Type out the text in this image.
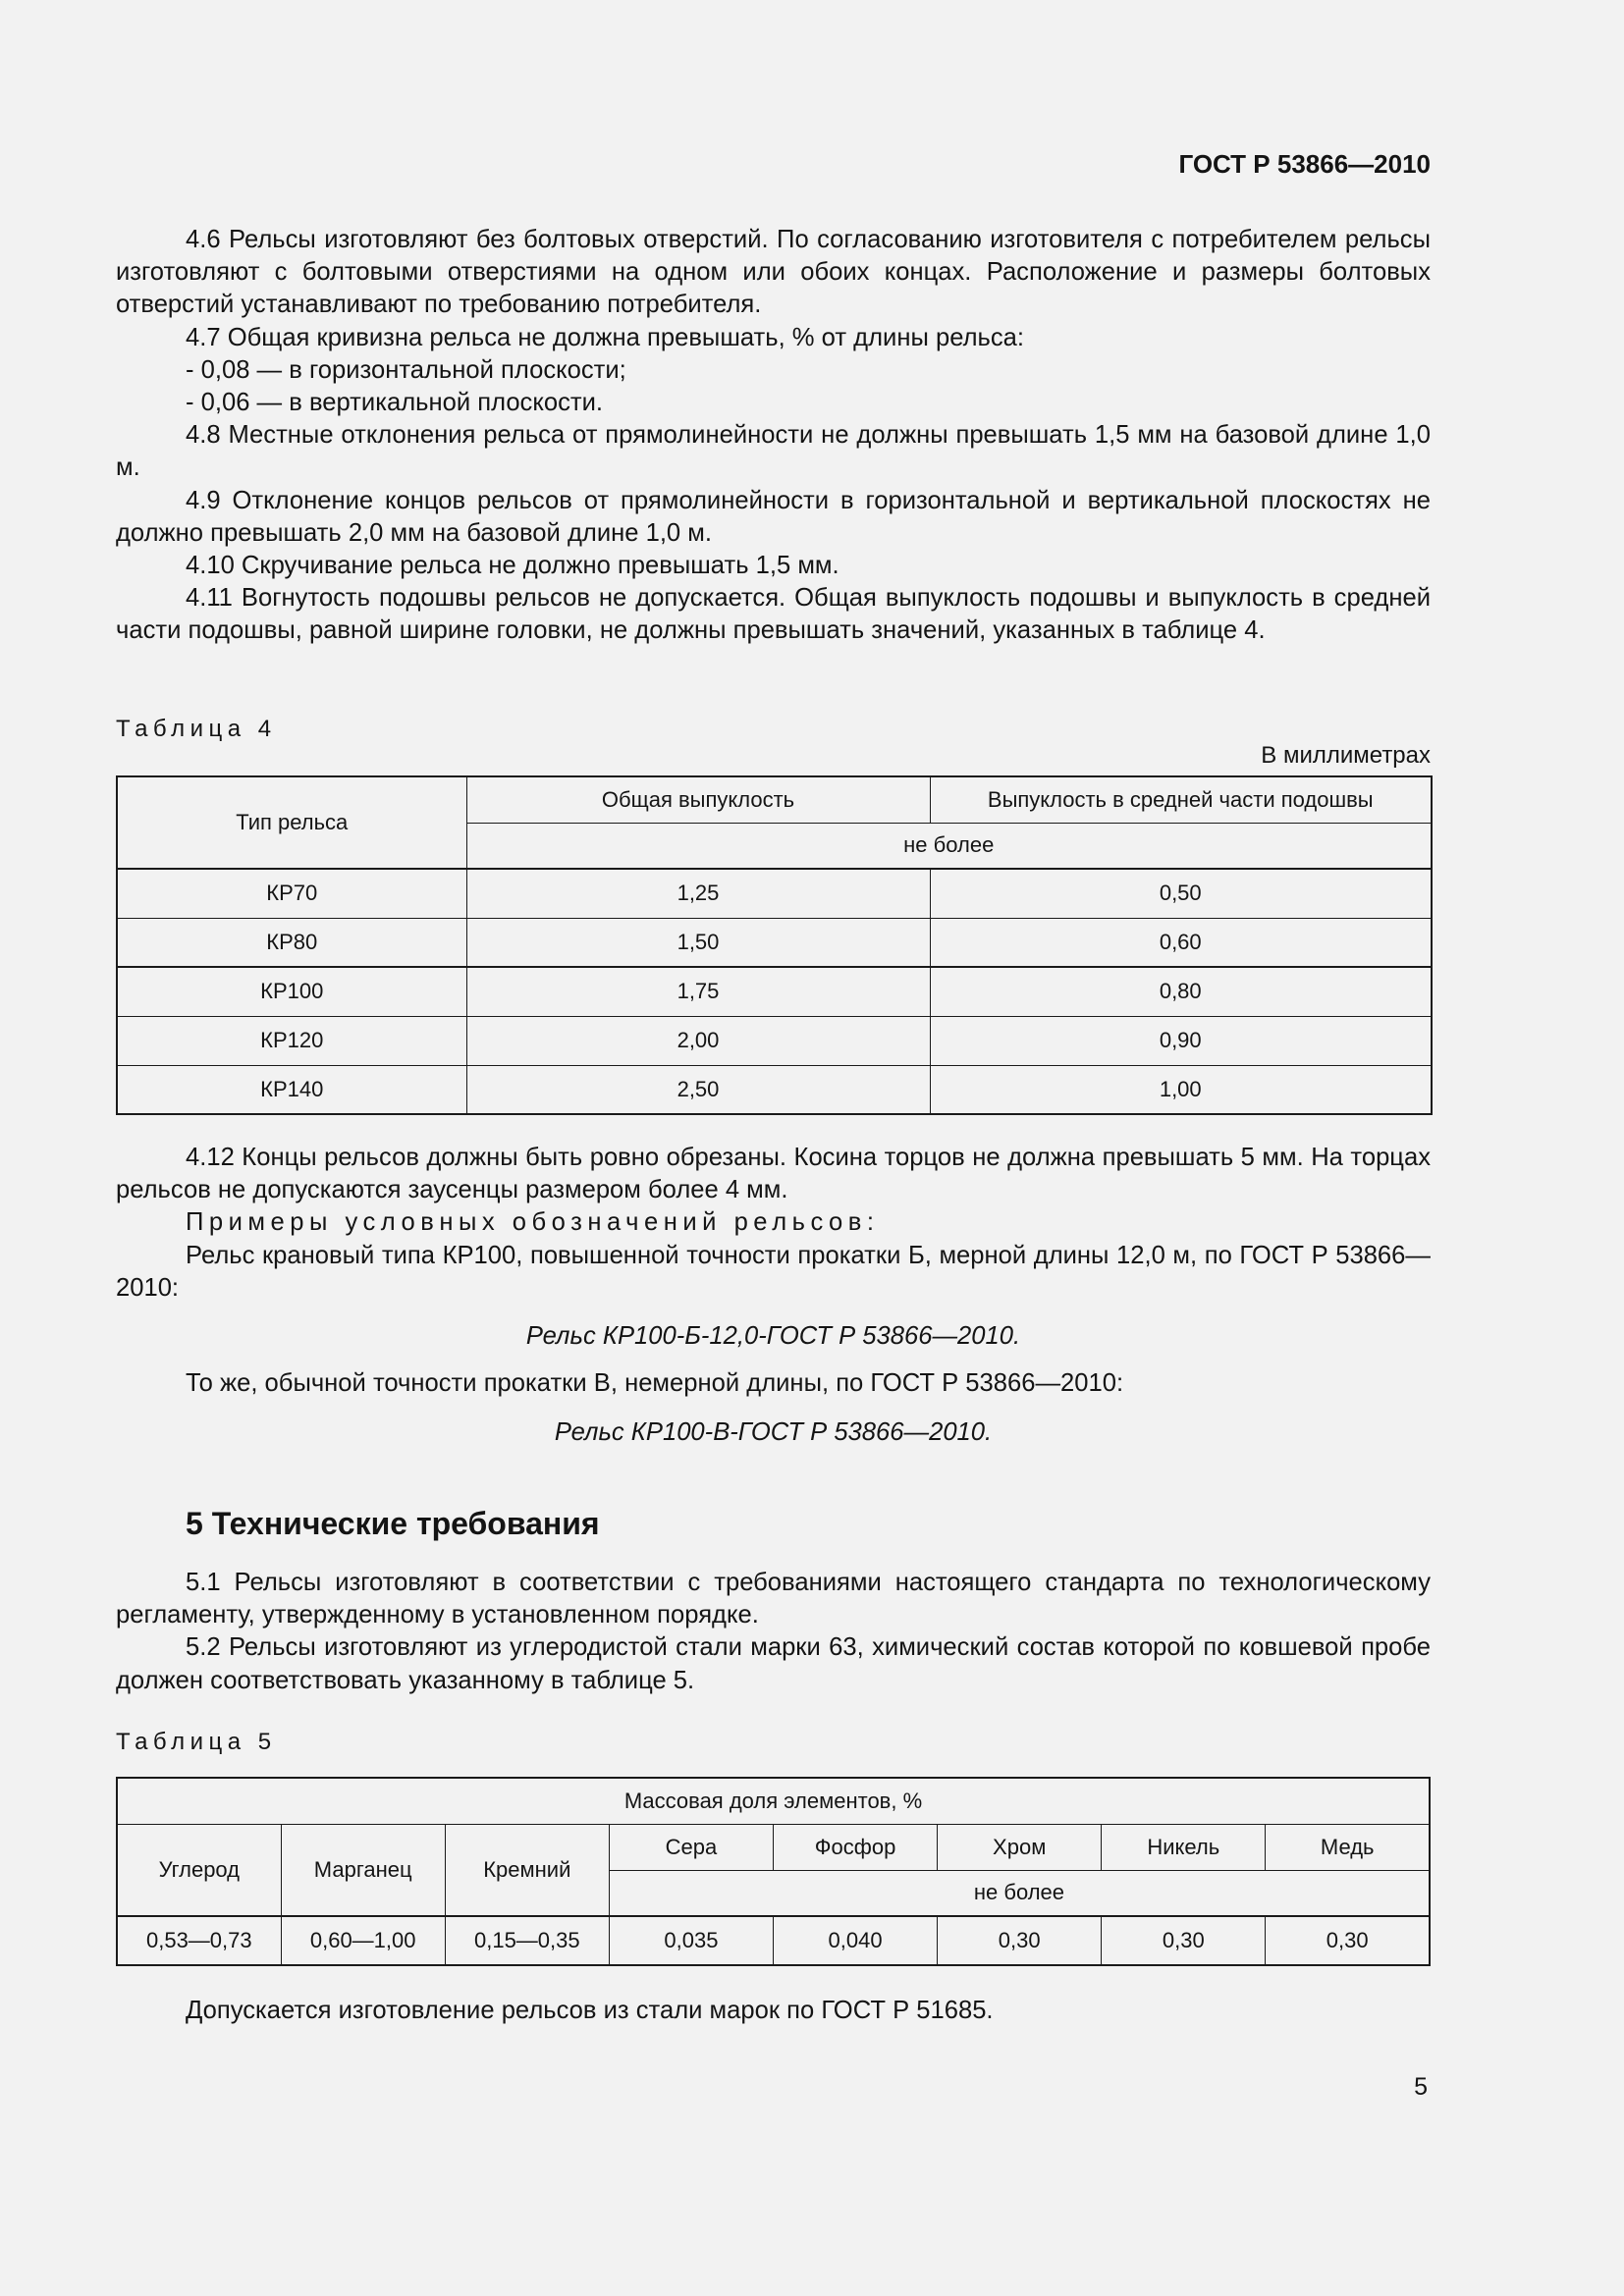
ГОСТ Р 53866—2010

4.6 Рельсы изготовляют без болтовых отверстий. По согласованию изготовителя с потребителем рельсы изготовляют с болтовыми отверстиями на одном или обоих концах. Расположение и размеры болтовых отверстий устанавливают по требованию потребителя.

4.7 Общая кривизна рельса не должна превышать, % от длины рельса:

- 0,08 — в горизонтальной плоскости;

- 0,06 — в вертикальной плоскости.

4.8 Местные отклонения рельса от прямолинейности не должны превышать 1,5 мм на базовой длине 1,0 м.

4.9 Отклонение концов рельсов от прямолинейности в горизонтальной и вертикальной плоскостях не должно превышать 2,0 мм на базовой длине 1,0 м.

4.10 Скручивание рельса не должно превышать 1,5 мм.

4.11 Вогнутость подошвы рельсов не допускается. Общая выпуклость подошвы и выпуклость в средней части подошвы, равной ширине головки, не должны превышать значений, указанных в таблице 4.

Таблица 4
В миллиметрах
Тип рельса	Общая выпуклость	Выпуклость в средней части подошвы
	не более	
КР70	1,25	0,50
КР80	1,50	0,60
КР100	1,75	0,80
КР120	2,00	0,90
КР140	2,50	1,00

4.12 Концы рельсов должны быть ровно обрезаны. Косина торцов не должна превышать 5 мм. На торцах рельсов не допускаются заусенцы размером более 4 мм.

Примеры условных обозначений рельсов:

Рельс крановый типа КР100, повышенной точности прокатки Б, мерной длины 12,0 м, по ГОСТ Р 53866—2010:

Рельс КР100-Б-12,0-ГОСТ Р 53866—2010.

То же, обычной точности прокатки В, немерной длины, по ГОСТ Р 53866—2010:

Рельс КР100-В-ГОСТ Р 53866—2010.
5 Технические требования

5.1 Рельсы изготовляют в соответствии с требованиями настоящего стандарта по технологическому регламенту, утвержденному в установленном порядке.

5.2 Рельсы изготовляют из углеродистой стали марки 63, химический состав которой по ковшевой пробе должен соответствовать указанному в таблице 5.

Таблица 5
Массовая доля элементов, %							
Углерод	Марганец	Кремний	Сера	Фосфор	Хром	Никель	Медь
			не более				
0,53—0,73	0,60—1,00	0,15—0,35	0,035	0,040	0,30	0,30	0,30

Допускается изготовление рельсов из стали марок по ГОСТ Р 51685.

5
